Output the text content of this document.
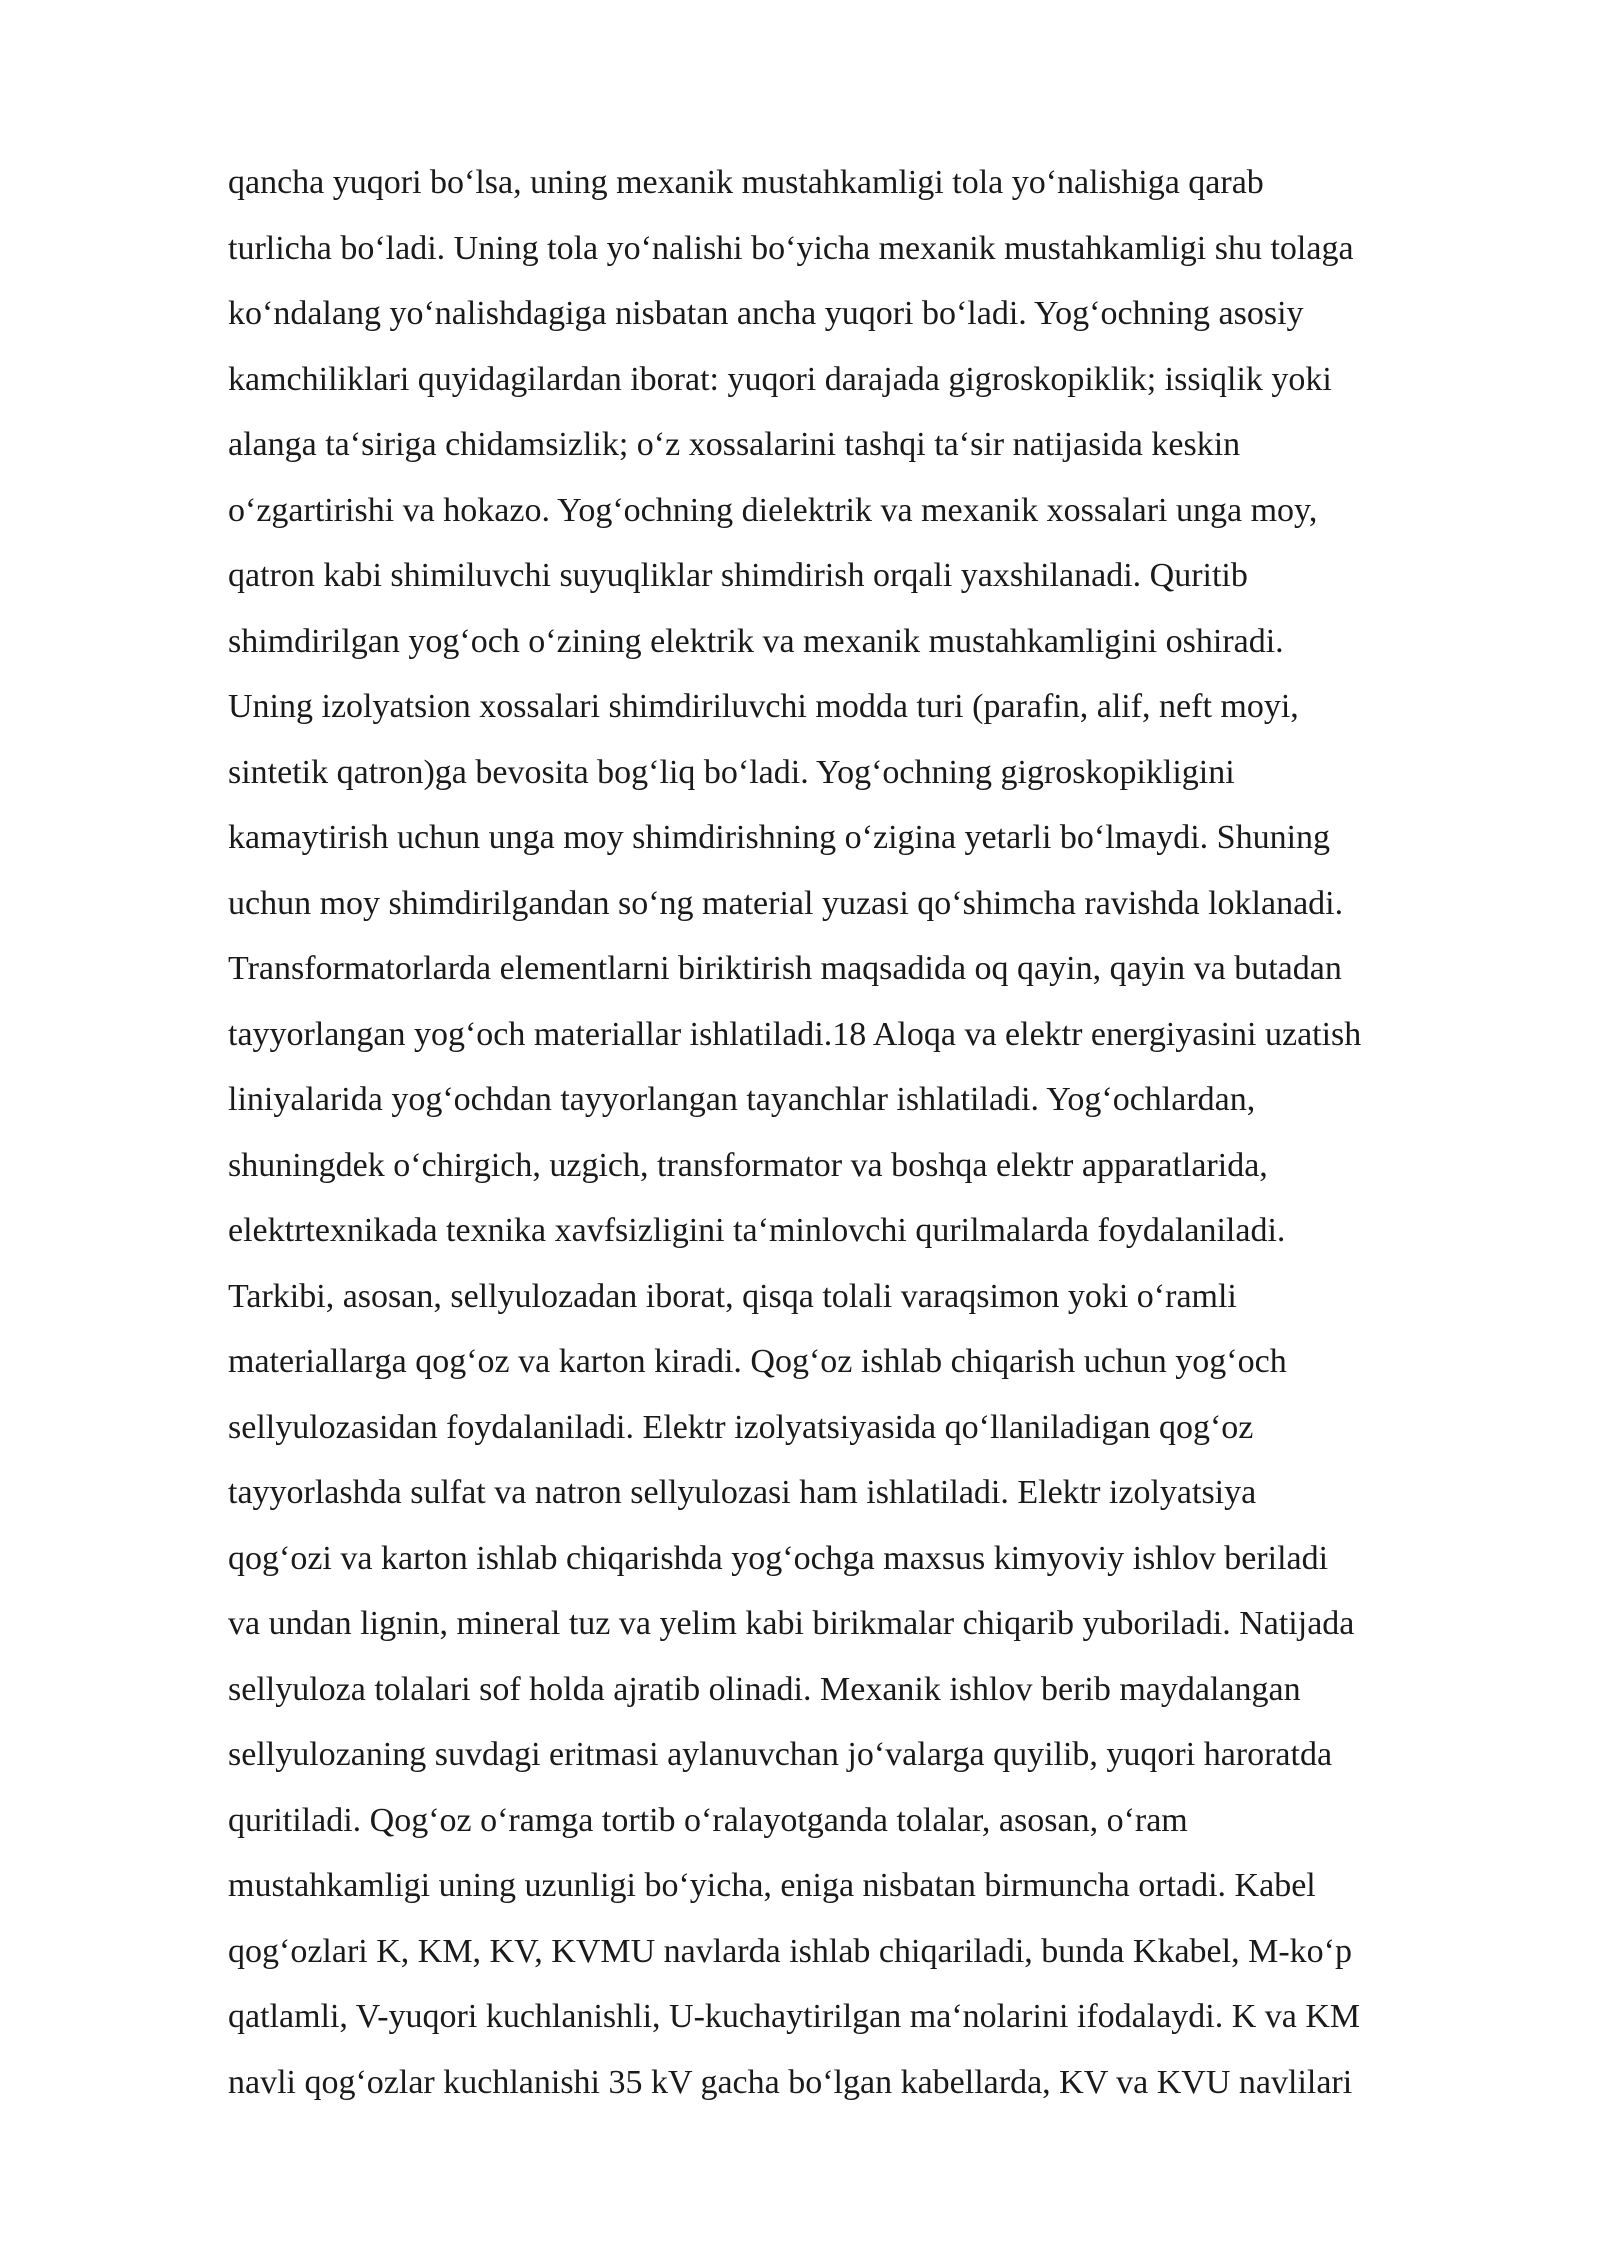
qancha yuqori bo‘lsa, uning mexanik mustahkamligi tola yo‘nalishiga qarab
turlicha bo‘ladi. Uning tola yo‘nalishi bo‘yicha mexanik mustahkamligi shu tolaga
ko‘ndalang yo‘nalishdagiga nisbatan ancha yuqori bo‘ladi. Yog‘ochning asosiy
kamchiliklari quyidagilardan iborat: yuqori darajada gigroskopiklik; issiqlik yoki
alanga ta‘siriga chidamsizlik; o‘z xossalarini tashqi ta‘sir natijasida keskin
o‘zgartirishi va hokazo. Yog‘ochning dielektrik va mexanik xossalari unga moy,
qatron kabi shimiluvchi suyuqliklar shimdirish orqali yaxshilanadi. Quritib
shimdirilgan yog‘och o‘zining elektrik va mexanik mustahkamligini oshiradi.
Uning izolyatsion xossalari shimdiriluvchi modda turi (parafin, alif, neft moyi,
sintetik qatron)ga bevosita bog‘liq bo‘ladi. Yog‘ochning gigroskopikligini
kamaytirish uchun unga moy shimdirishning o‘zigina yetarli bo‘lmaydi. Shuning
uchun moy shimdirilgandan so‘ng material yuzasi qo‘shimcha ravishda loklanadi.
Transformatorlarda elementlarni biriktirish maqsadida oq qayin, qayin va butadan
tayyorlangan yog‘och materiallar ishlatiladi.18 Aloqa va elektr energiyasini uzatish
liniyalarida yog‘ochdan tayyorlangan tayanchlar ishlatiladi. Yog‘ochlardan,
shuningdek o‘chirgich, uzgich, transformator va boshqa elektr apparatlarida,
elektrtexnikada texnika xavfsizligini ta‘minlovchi qurilmalarda foydalaniladi.
Tarkibi, asosan, sellyulozadan iborat, qisqa tolali varaqsimon yoki o‘ramli
materiallarga qog‘oz va karton kiradi. Qog‘oz ishlab chiqarish uchun yog‘och
sellyulozasidan foydalaniladi. Elektr izolyatsiyasida qo‘llaniladigan qog‘oz
tayyorlashda sulfat va natron sellyulozasi ham ishlatiladi. Elektr izolyatsiya
qog‘ozi va karton ishlab chiqarishda yog‘ochga maxsus kimyoviy ishlov beriladi
va undan lignin, mineral tuz va yelim kabi birikmalar chiqarib yuboriladi. Natijada
sellyuloza tolalari sof holda ajratib olinadi. Mexanik ishlov berib maydalangan
sellyulozaning suvdagi eritmasi aylanuvchan jo‘valarga quyilib, yuqori haroratda
quritiladi. Qog‘oz o‘ramga tortib o‘ralayotganda tolalar, asosan, o‘ram
mustahkamligi uning uzunligi bo‘yicha, eniga nisbatan birmuncha ortadi. Kabel
qog‘ozlari K, KM, KV, KVMU navlarda ishlab chiqariladi, bunda Kkabel, M-ko‘p
qatlamli, V-yuqori kuchlanishli, U-kuchaytirilgan ma‘nolarini ifodalaydi. K va KM
navli qog‘ozlar kuchlanishi 35 kV gacha bo‘lgan kabellarda, KV va KVU navlilari
